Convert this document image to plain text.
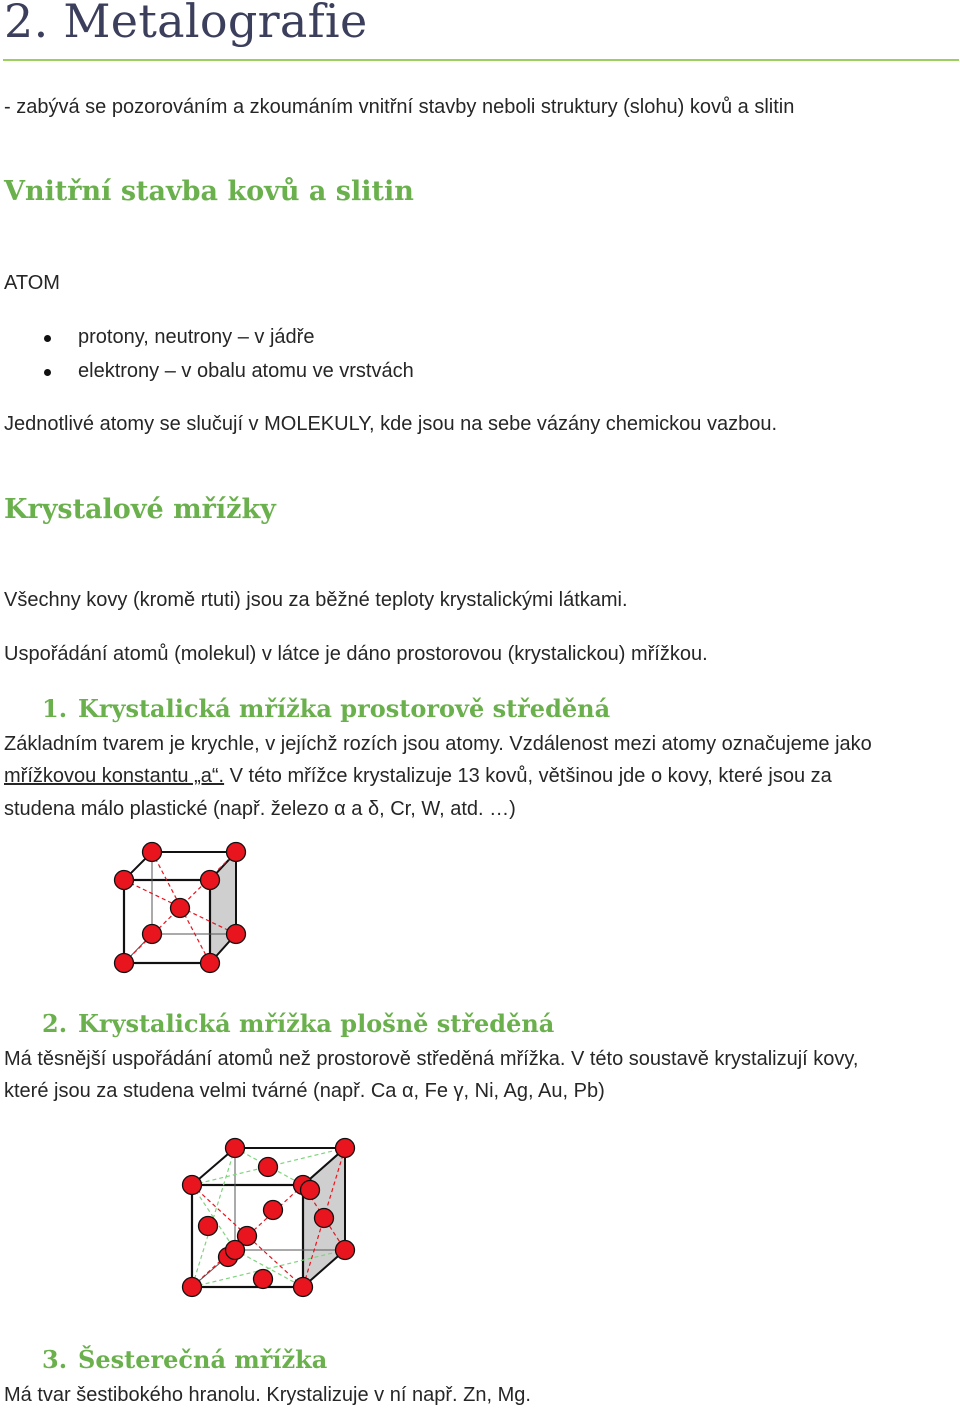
2. Metalografie
- zabývá se pozorováním a zkoumáním vnitřní stavby neboli struktury (slohu) kovů a slitin
Vnitřní stavba kovů a slitin
ATOM
protony, neutrony – v jádře
elektrony – v obalu atomu ve vrstvách
Jednotlivé atomy se slučují v MOLEKULY, kde jsou na sebe vázány chemickou vazbou.
Krystalové mřížky
Všechny kovy (kromě rtuti) jsou za běžné teploty krystalickými látkami.
Uspořádání atomů (molekul) v látce je dáno prostorovou (krystalickou) mřížkou.
1. Krystalická mřížka prostorově středěná
Základním tvarem je krychle, v jejíchž rozích jsou atomy. Vzdálenost mezi atomy označujeme jako
mřížkovou konstantu „a“. V této mřížce krystalizuje 13 kovů, většinou jde o kovy, které jsou za
studena málo plastické (např. železo α a δ, Cr, W, atd. …)
2. Krystalická mřížka plošně středěná
Má těsnější uspořádání atomů než prostorově středěná mřížka. V této soustavě krystalizují kovy,
které jsou za studena velmi tvárné (např. Ca α, Fe γ, Ni, Ag, Au, Pb)
3. Šesterečná mřížka
Má tvar šestibokého hranolu. Krystalizuje v ní např. Zn, Mg.
